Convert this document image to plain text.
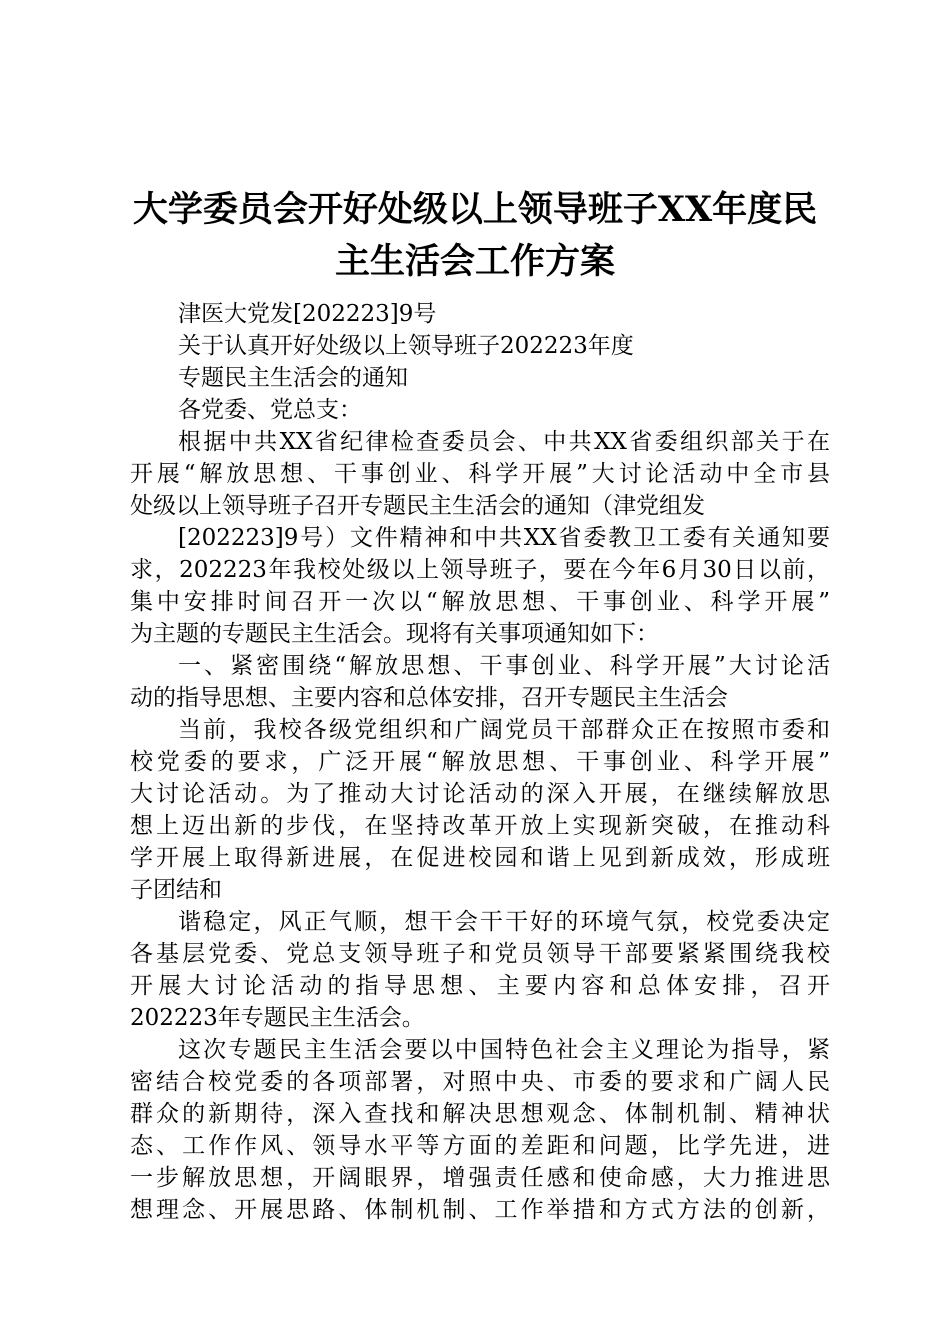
大学委员会开好处级以上领导班子XX年度民
主生活会工作方案
津医大党发[202223]9号
关于认真开好处级以上领导班子202223年度
专题民主生活会的通知
各党委、党总支：
根据中共XX省纪律检查委员会、中共XX省委组织部关于在
开展“解放思想、干事创业、科学开展”大讨论活动中全市县
处级以上领导班子召开专题民主生活会的通知（津党组发
[202223]9号）文件精神和中共XX省委教卫工委有关通知要
求，202223年我校处级以上领导班子，要在今年6月30日以前，
集中安排时间召开一次以“解放思想、干事创业、科学开展”
为主题的专题民主生活会。现将有关事项通知如下：
一、紧密围绕“解放思想、干事创业、科学开展”大讨论活
动的指导思想、主要内容和总体安排，召开专题民主生活会
当前，我校各级党组织和广阔党员干部群众正在按照市委和
校党委的要求，广泛开展“解放思想、干事创业、科学开展”
大讨论活动。为了推动大讨论活动的深入开展，在继续解放思
想上迈出新的步伐，在坚持改革开放上实现新突破，在推动科
学开展上取得新进展，在促进校园和谐上见到新成效，形成班
子团结和
谐稳定，风正气顺，想干会干干好的环境气氛，校党委决定
各基层党委、党总支领导班子和党员领导干部要紧紧围绕我校
开展大讨论活动的指导思想、主要内容和总体安排，召开
202223年专题民主生活会。
这次专题民主生活会要以中国特色社会主义理论为指导，紧
密结合校党委的各项部署，对照中央、市委的要求和广阔人民
群众的新期待，深入查找和解决思想观念、体制机制、精神状
态、工作作风、领导水平等方面的差距和问题，比学先进，进
一步解放思想，开阔眼界，增强责任感和使命感，大力推进思
想理念、开展思路、体制机制、工作举措和方式方法的创新，
